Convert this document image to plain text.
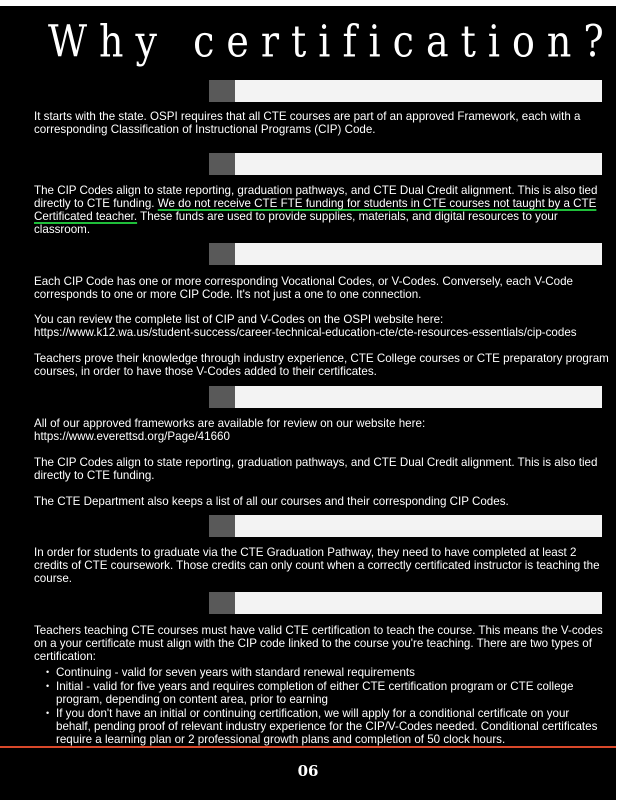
Why certification?

It starts with the state. OSPI requires that all CTE courses are part of an approved Framework, each with a corresponding Classification of Instructional Programs (CIP) Code.

The CIP Codes align to state reporting, graduation pathways, and CTE Dual Credit alignment. This is also tied directly to CTE funding. We do not receive CTE FTE funding for students in CTE courses not taught by a CTE Certificated teacher. These funds are used to provide supplies, materials, and digital resources to your classroom.

Each CIP Code has one or more corresponding Vocational Codes, or V-Codes. Conversely, each V-Code corresponds to one or more CIP Code. It's not just a one to one connection.

You can review the complete list of CIP and V-Codes on the OSPI website here:

https://www.k12.wa.us/student-success/career-technical-education-cte/cte-resources-essentials/cip-codes

Teachers prove their knowledge through industry experience, CTE College courses or CTE preparatory program courses, in order to have those V-Codes added to their certificates.

All of our approved frameworks are available for review on our website here:
https://www.everettsd.org/Page/41660

The CIP Codes align to state reporting, graduation pathways, and CTE Dual Credit alignment. This is also tied directly to CTE funding.

The CTE Department also keeps a list of all our courses and their corresponding CIP Codes.

In order for students to graduate via the CTE Graduation Pathway, they need to have completed at least 2 credits of CTE coursework. Those credits can only count when a correctly certificated instructor is teaching the course.

Teachers teaching CTE courses must have valid CTE certification to teach the course. This means the V-codes on a your certificate must align with the CIP code linked to the course you're teaching. There are two types of certification:

• Continuing - valid for seven years with standard renewal requirements
• Initial - valid for five years and requires completion of either CTE certification program or CTE college program, depending on content area, prior to earning
• If you don't have an initial or continuing certification, we will apply for a conditional certificate on your behalf, pending proof of relevant industry experience for the CIP/V-Codes needed. Conditional certificates require a learning plan or 2 professional growth plans and completion of 50 clock hours.
06
